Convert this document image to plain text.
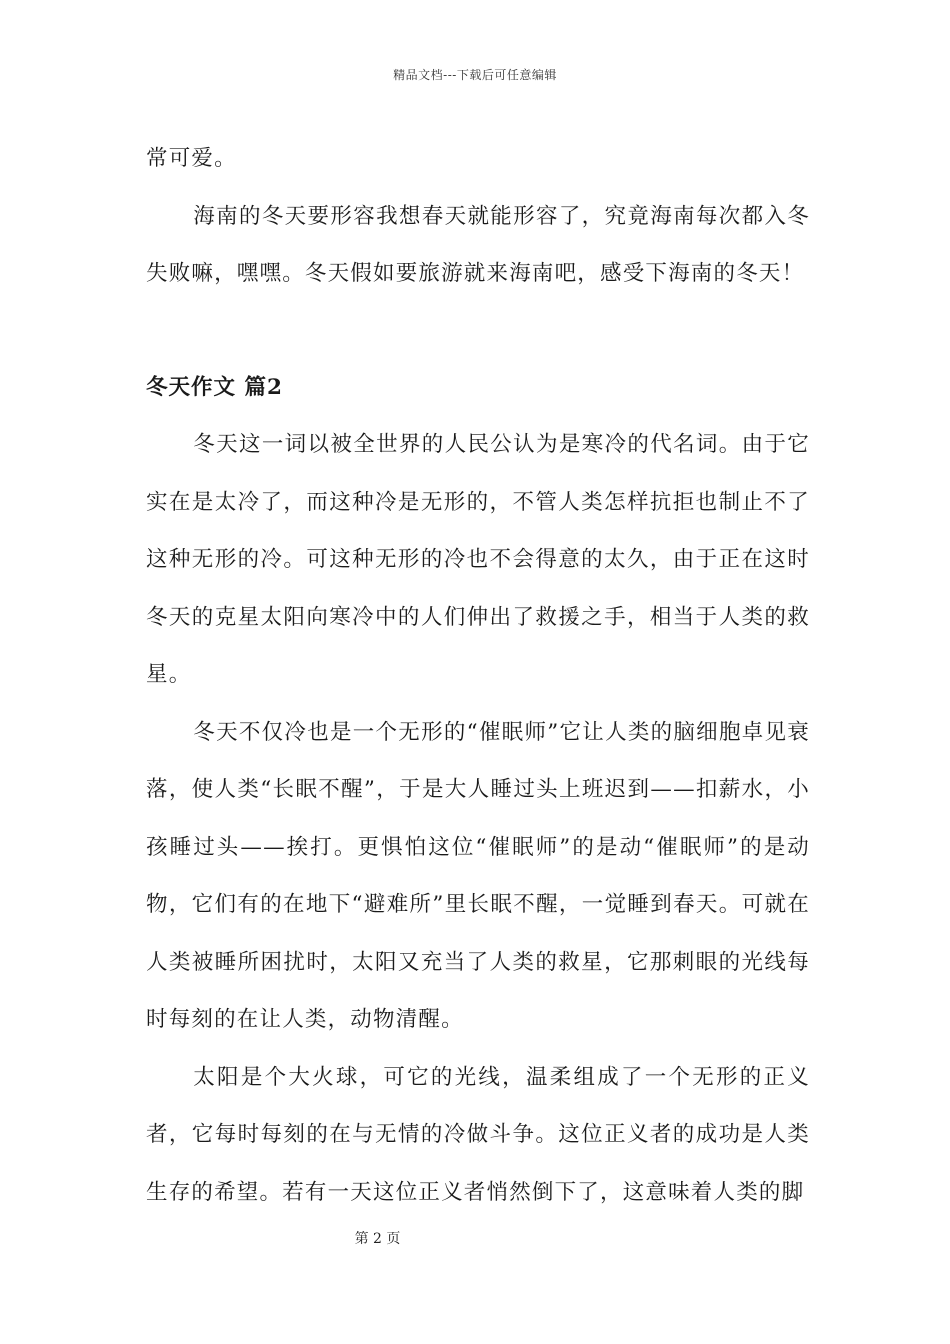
精品文档---下载后可任意编辑

常可爱。

海南的冬天要形容我想春天就能形容了，究竟海南每次都入冬失败嘛，嘿嘿。冬天假如要旅游就来海南吧，感受下海南的冬天！

冬天作文 篇2

冬天这一词以被全世界的人民公认为是寒冷的代名词。由于它实在是太冷了，而这种冷是无形的，不管人类怎样抗拒也制止不了这种无形的冷。可这种无形的冷也不会得意的太久，由于正在这时冬天的克星太阳向寒冷中的人们伸出了救援之手，相当于人类的救星。

冬天不仅冷也是一个无形的“催眠师”它让人类的脑细胞卓见衰落，使人类“长眠不醒”，于是大人睡过头上班迟到——扣薪水，小孩睡过头——挨打。更惧怕这位“催眠师”的是动“催眠师”的是动物，它们有的在地下“避难所”里长眠不醒，一觉睡到春天。可就在人类被睡所困扰时，太阳又充当了人类的救星，它那刺眼的光线每时每刻的在让人类，动物清醒。

太阳是个大火球，可它的光线，温柔组成了一个无形的正义者，它每时每刻的在与无情的冷做斗争。这位正义者的成功是人类生存的希望。若有一天这位正义者悄然倒下了，这意味着人类的脚

第 2 页
